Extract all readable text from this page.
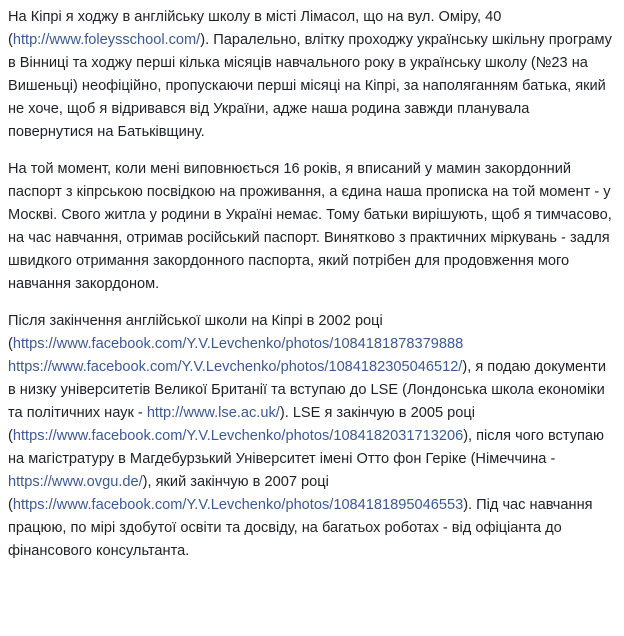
На Кіпрі я ходжу в англійську школу в місті Лімасол, що на вул. Оміру, 40 (http://www.foleysschool.com/). Паралельно, влітку проходжу українську шкільну програму в Вінниці та ходжу перші кілька місяців навчального року в українську школу (№23 на Вишеньці) неофіційно, пропускаючи перші місяці на Кіпрі, за наполяганням батька, який не хоче, щоб я відривався від України, адже наша родина завжди планувала повернутися на Батьківщину.

На той момент, коли мені виповнюється 16 років, я вписаний у мамин закордонний паспорт з кіпрською посвідкою на проживання, а єдина наша прописка на той момент - у Москві. Свого житла у родини в Україні немає. Тому батьки вирішують, щоб я тимчасово, на час навчання, отримав російський паспорт. Винятково з практичних міркувань - задля швидкого отримання закордонного паспорта, який потрібен для продовження мого навчання закордоном.

Після закінчення англійської школи на Кіпрі в 2002 році (https://www.facebook.com/Y.V.Levchenko/photos/1084181878379888 https://www.facebook.com/Y.V.Levchenko/photos/1084182305046512/), я подаю документи в низку університетів Великої Британії та вступаю до LSE (Лондонська школа економіки та політичних наук - http://www.lse.ac.uk/). LSE я закінчую в 2005 році (https://www.facebook.com/Y.V.Levchenko/photos/1084182031713206), після чого вступаю на магістратуру в Магдебурзький Університет імені Отто фон Геріке (Німеччина - https://www.ovgu.de/), який закінчую в 2007 році (https://www.facebook.com/Y.V.Levchenko/photos/1084181895046553). Під час навчання працюю, по мірі здобутої освіти та досвіду, на багатьох роботах - від офіціанта до фінансового консультанта.
